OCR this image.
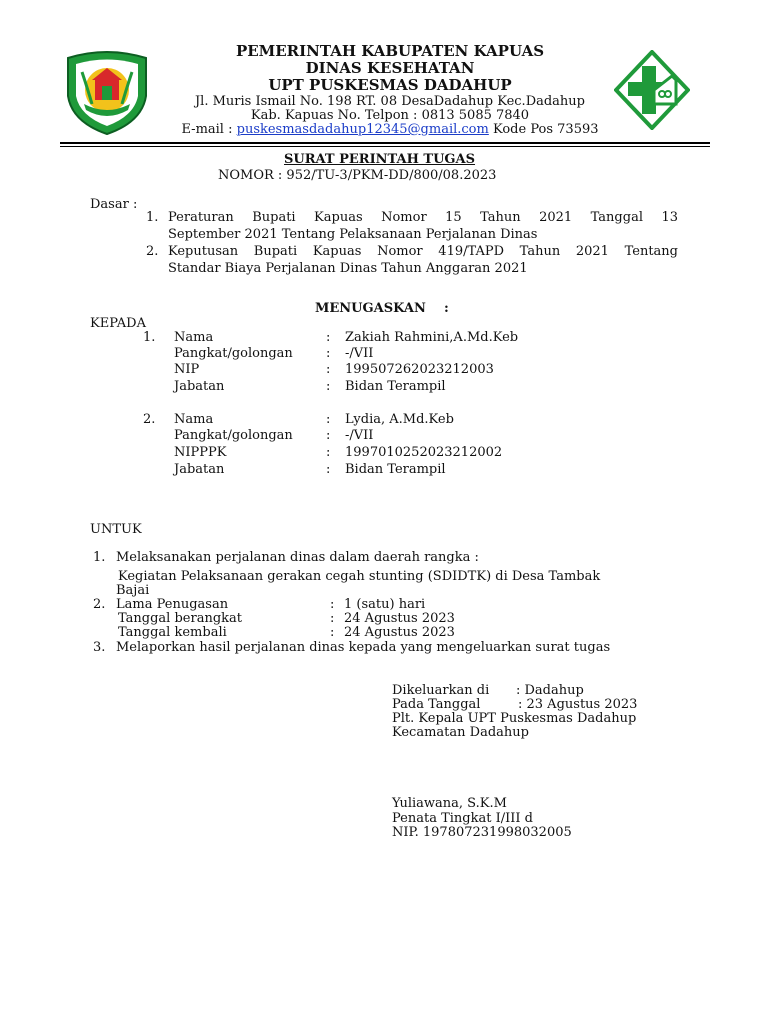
PEMERINTAH KABUPATEN KAPUAS
DINAS KESEHATAN
UPT PUSKESMAS DADAHUP
Jl. Muris Ismail No. 198 RT. 08 DesaDadahup Kec.Dadahup
Kab. Kapuas No. Telpon : 0813 5085 7840
E-mail : puskesmasdadahup12345@gmail.com Kode Pos 73593
SURAT PERINTAH TUGAS
NOMOR : 952/TU-3/PKM-DD/800/08.2023
Dasar :
1. Peraturan Bupati Kapuas Nomor 15 Tahun 2021 Tanggal 13
September 2021 Tentang Pelaksanaan Perjalanan Dinas
2. Keputusan Bupati Kapuas Nomor 419/TAPD Tahun 2021 Tentang
Standar Biaya Perjalanan Dinas Tahun Anggaran 2021
MENUGASKAN :
KEPADA
1. Nama	: Zakiah Rahmini,A.Md.Keb
Pangkat/golongan	: -/VII
NIP	: 199507262023212003
Jabatan	: Bidan Terampil
2. Nama	: Lydia, A.Md.Keb
Pangkat/golongan	: -/VII
NIPPPK	: 199701025202321200​2
Jabatan	: Bidan Terampil
UNTUK
1. Melaksanakan perjalanan dinas dalam daerah rangka :
Kegiatan Pelaksanaan gerakan cegah stunting (SDIDTK) di Desa Tambak
Bajai
2. Lama Penugasan	: 1 (satu) hari
Tanggal berangkat	: 24 Agustus 2023
Tanggal kembali	: 24 Agustus 2023
3. Melaporkan hasil perjalanan dinas kepada yang mengeluarkan surat tugas
Dikeluarkan di : Dadahup
Pada Tanggal	: 23 Agustus 2023
Plt. Kepala UPT Puskesmas Dadahup
Kecamatan Dadahup
Yuliawana, S.K.M
Penata Tingkat I/III d
NIP. 197807231998032005
